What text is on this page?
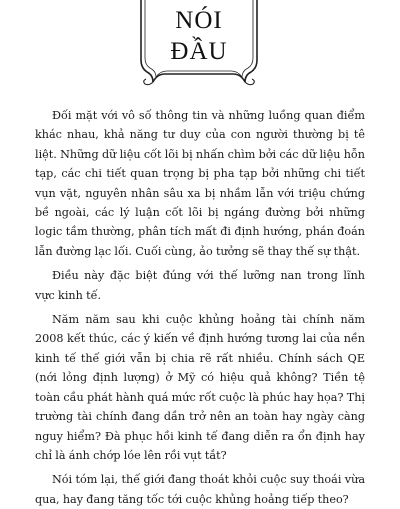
NÓI
ĐẦU

Đối mặt với vô số thông tin và những luồng quan điểm khác nhau, khả năng tư duy của con người thường bị tê liệt. Những dữ liệu cốt lõi bị nhấn chìm bởi các dữ liệu hỗn tạp, các chi tiết quan trọng bị pha tạp bởi những chi tiết vụn vặt, nguyên nhân sâu xa bị nhầm lẫn với triệu chứng bề ngoài, các lý luận cốt lõi bị ngáng đường bởi những logic tầm thường, phân tích mất đi định hướng, phán đoán lẫn đường lạc lối. Cuối cùng, ảo tưởng sẽ thay thế sự thật.

Điều này đặc biệt đúng với thế lưỡng nan trong lĩnh vực kinh tế.

Năm năm sau khi cuộc khủng hoảng tài chính năm 2008 kết thúc, các ý kiến về định hướng tương lai của nền kinh tế thế giới vẫn bị chia rẽ rất nhiều. Chính sách QE (nới lỏng định lượng) ở Mỹ có hiệu quả không? Tiền tệ toàn cầu phát hành quá mức rốt cuộc là phúc hay họa? Thị trường tài chính đang dần trở nên an toàn hay ngày càng nguy hiểm? Đà phục hồi kinh tế đang diễn ra ổn định hay chỉ là ánh chớp lóe lên rồi vụt tắt?

Nói tóm lại, thế giới đang thoát khỏi cuộc suy thoái vừa qua, hay đang tăng tốc tới cuộc khủng hoảng tiếp theo?
